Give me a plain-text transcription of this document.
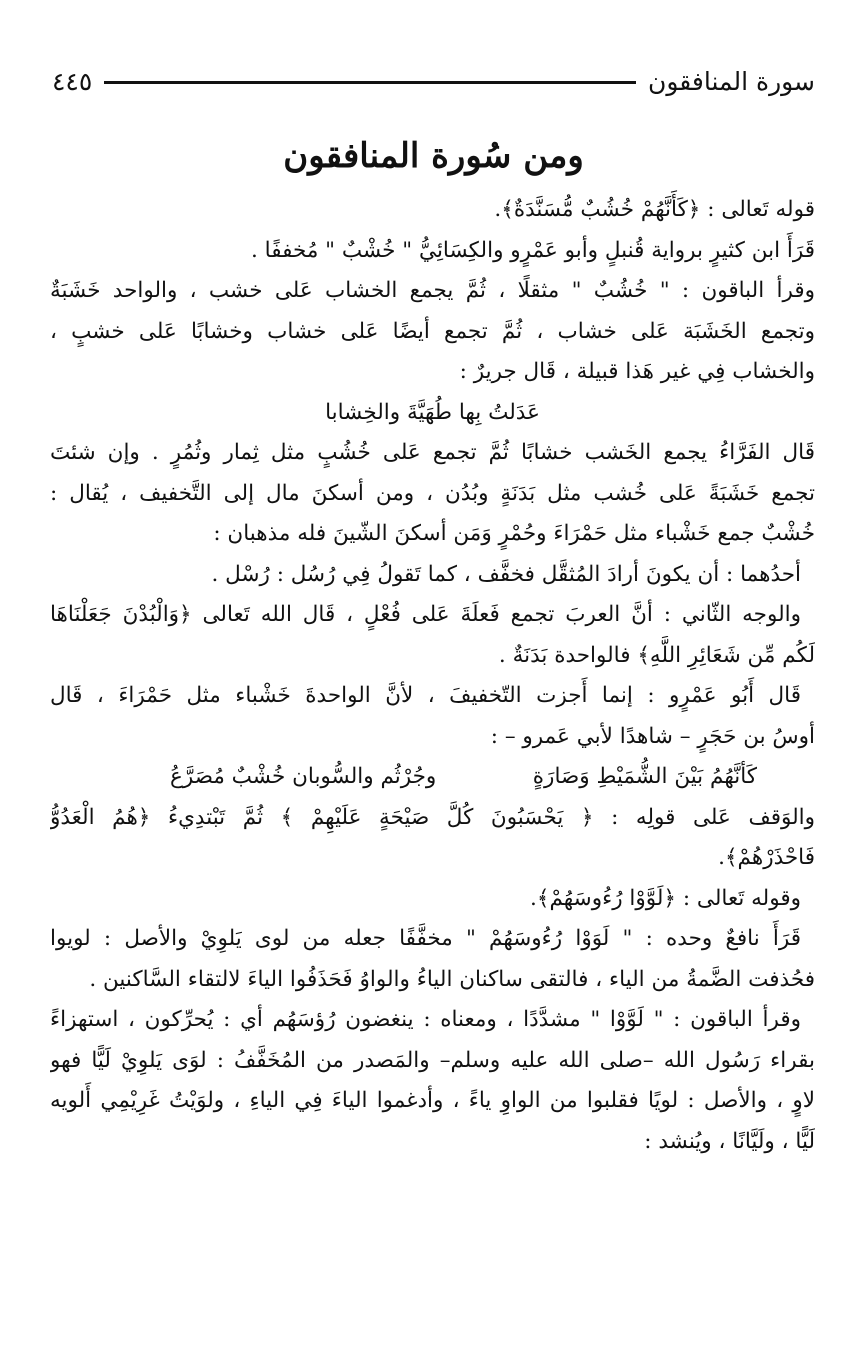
سورة المنافقون
٤٤٥
ومن سُورة المنافقون
قوله تَعالى : ﴿كَأَنَّهُمْ خُشُبٌ مُّسَنَّدَةٌ﴾.
قَرَأَ ابن كثيرٍ برواية قُنبلٍ وأبو عَمْرٍو والكِسَائِيُّ " خُشْبٌ " مُخففًا .
وقرأ الباقون : " خُشُبٌ " مثقلًا ، ثُمَّ يجمع الخشاب عَلى خشب ، والواحد خَشَبَةٌ
وتجمع الخَشَبَة عَلى خشاب ، ثُمَّ تجمع أيضًا عَلى خشاب وخشابًا عَلى خشبٍ ،
والخشاب فِي غير هَذا قبيلة ، قَال جريرٌ :
عَدَلتُ بِها طُهَيَّةَ والخِشابا
قَال الفَرَّاءُ يجمع الخَشب خشابًا ثُمَّ تجمع عَلى خُشُبٍ مثل ثِمار وثُمُرٍ . وإن شئتَ
تجمع خَشَبَةً عَلى خُشب مثل بَدَنَةٍ وبُدُن ، ومن أسكنَ مال إلى التَّخفيف ، يُقال :
خُشْبٌ جمع خَشْباء مثل حَمْرَاءَ وحُمْرٍ وَمَن أسكنَ الشّينَ فله مذهبان :
أحدُهما : أن يكونَ أرادَ المُثقَّل فخفَّف ، كما تَقولُ فِي رُسُل : رُسْل .
والوجه الثّاني : أنَّ العربَ تجمع فَعلَةَ عَلى فُعْلٍ ، قَال الله تَعالى ﴿وَالْبُدْنَ جَعَلْنَاهَا
لَكُم مِّن شَعَائِرِ اللَّهِ﴾ فالواحدة بَدَنَةٌ .
قَال أَبُو عَمْرٍو : إنما أَجزت التّخفيفَ ، لأنَّ الواحدةَ خَشْباء مثل حَمْرَاءَ ، قَال
أوسُ بن حَجَرٍ – شاهدًا لأبي عَمرو – :
كَأنَّهُمُ بَيْنَ الشُّمَيْطِ وَصَارَةٍ
وجُرْثُم والسُّوبان خُشْبٌ مُصَرَّعُ
والوَقف عَلى قولِه : ﴿ يَحْسَبُونَ كُلَّ صَيْحَةٍ عَلَيْهِمْ ﴾ ثُمَّ تَبْتدِيءُ ﴿هُمُ الْعَدُوُّ
فَاحْذَرْهُمْ﴾.
وقوله تَعالى : ﴿لَوَّوْا رُءُوسَهُمْ﴾.
قَرَأَ نافعٌ وحده : " لَوَوْا رُءُوسَهُمْ " مخفَّفًا جعله من لوى يَلوِيْ والأصل : لويوا
فحُذفت الضَّمةُ من الياء ، فالتقى ساكنان الياءُ والواوُ فَحَذَفُوا الياءَ لالتقاء السَّاكنين .
وقرأ الباقون : " لَوَّوْا " مشدَّدًا ، ومعناه : ينغضون رُؤسَهُم أي : يُحرِّكون ، استهزاءً
بقراء رَسُول الله –صلى الله عليه وسلم– والمَصدر من المُخَفَّفُ : لوَى يَلوِيْ لَيًّا فهو
لاوٍ ، والأصل : لويًا فقلبوا من الواوِ ياءً ، وأدغموا الياءَ فِي الياءِ ، ولوَيْتُ غَرِيْمِي أَلويه
لَيًّا ، ولَيَّانًا ، ويُنشد :
